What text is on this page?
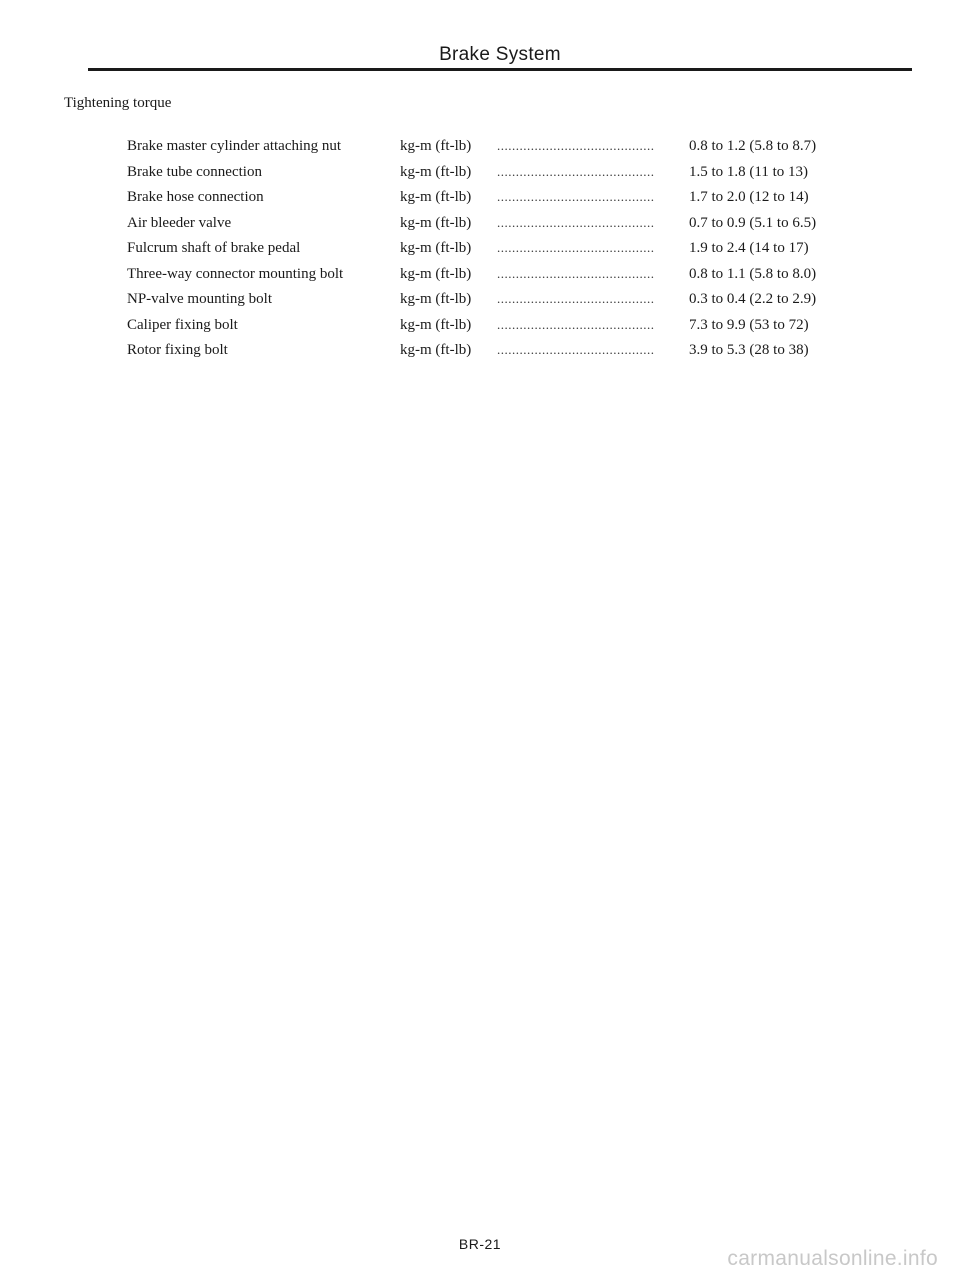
Brake System
Tightening torque
Brake master cylinder attaching nut	kg-m (ft-lb) ..........................................	0.8 to 1.2 (5.8 to 8.7)
Brake tube connection	kg-m (ft-lb) ..........................................	1.5 to 1.8 (11 to 13)
Brake hose connection	kg-m (ft-lb) ..........................................	1.7 to 2.0 (12 to 14)
Air bleeder valve	kg-m (ft-lb) ..........................................	0.7 to 0.9 (5.1 to 6.5)
Fulcrum shaft of brake pedal	kg-m (ft-lb) ..........................................	1.9 to 2.4 (14 to 17)
Three-way connector mounting bolt	kg-m (ft-lb) ..........................................	0.8 to 1.1 (5.8 to 8.0)
NP-valve mounting bolt	kg-m (ft-lb) ..........................................	0.3 to 0.4 (2.2 to 2.9)
Caliper fixing bolt	kg-m (ft-lb) ..........................................	7.3 to 9.9 (53 to 72)
Rotor fixing bolt	kg-m (ft-lb) ..........................................	3.9 to 5.3 (28 to 38)
BR-21
carmanualsonline.info
